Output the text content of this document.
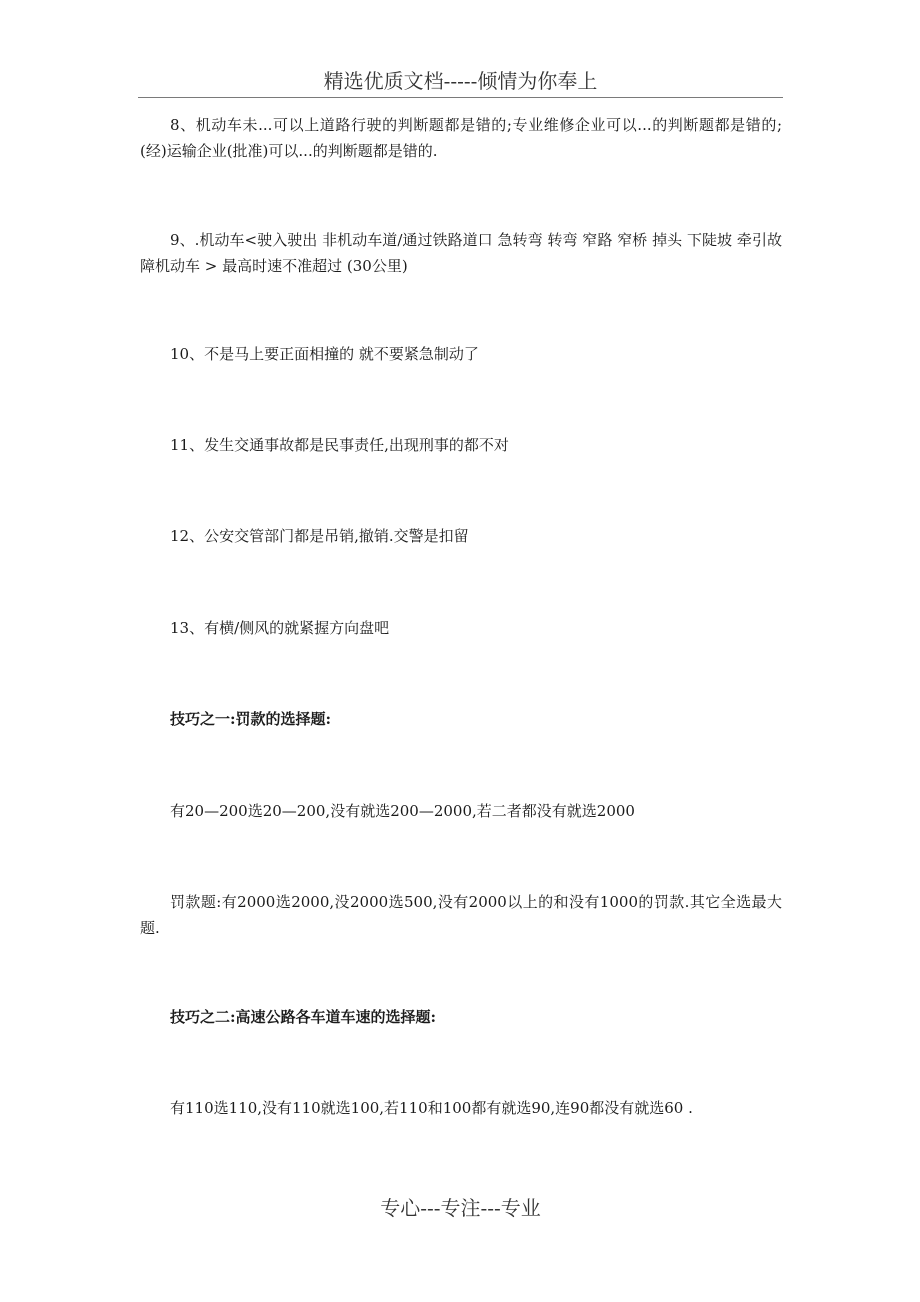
精选优质文档-----倾情为你奉上

8、机动车未...可以上道路行驶的判断题都是错的;专业维修企业可以...的判断题都是错的;(经)运输企业(批准)可以...的判断题都是错的.

9、.机动车<驶入驶出 非机动车道/通过铁路道口 急转弯 转弯 窄路 窄桥 掉头 下陡坡 牵引故障机动车 > 最高时速不准超过 (30公里)

10、不是马上要正面相撞的 就不要紧急制动了

11、发生交通事故都是民事责任,出现刑事的都不对

12、公安交管部门都是吊销,撤销.交警是扣留

13、有横/侧风的就紧握方向盘吧

技巧之一:罚款的选择题:

有20—200选20—200,没有就选200—2000,若二者都没有就选2000

罚款题:有2000选2000,没2000选500,没有2000以上的和没有1000的罚款.其它全选最大题.

技巧之二:高速公路各车道车速的选择题:

有110选110,没有110就选100,若110和100都有就选90,连90都没有就选60 .

专心---专注---专业
